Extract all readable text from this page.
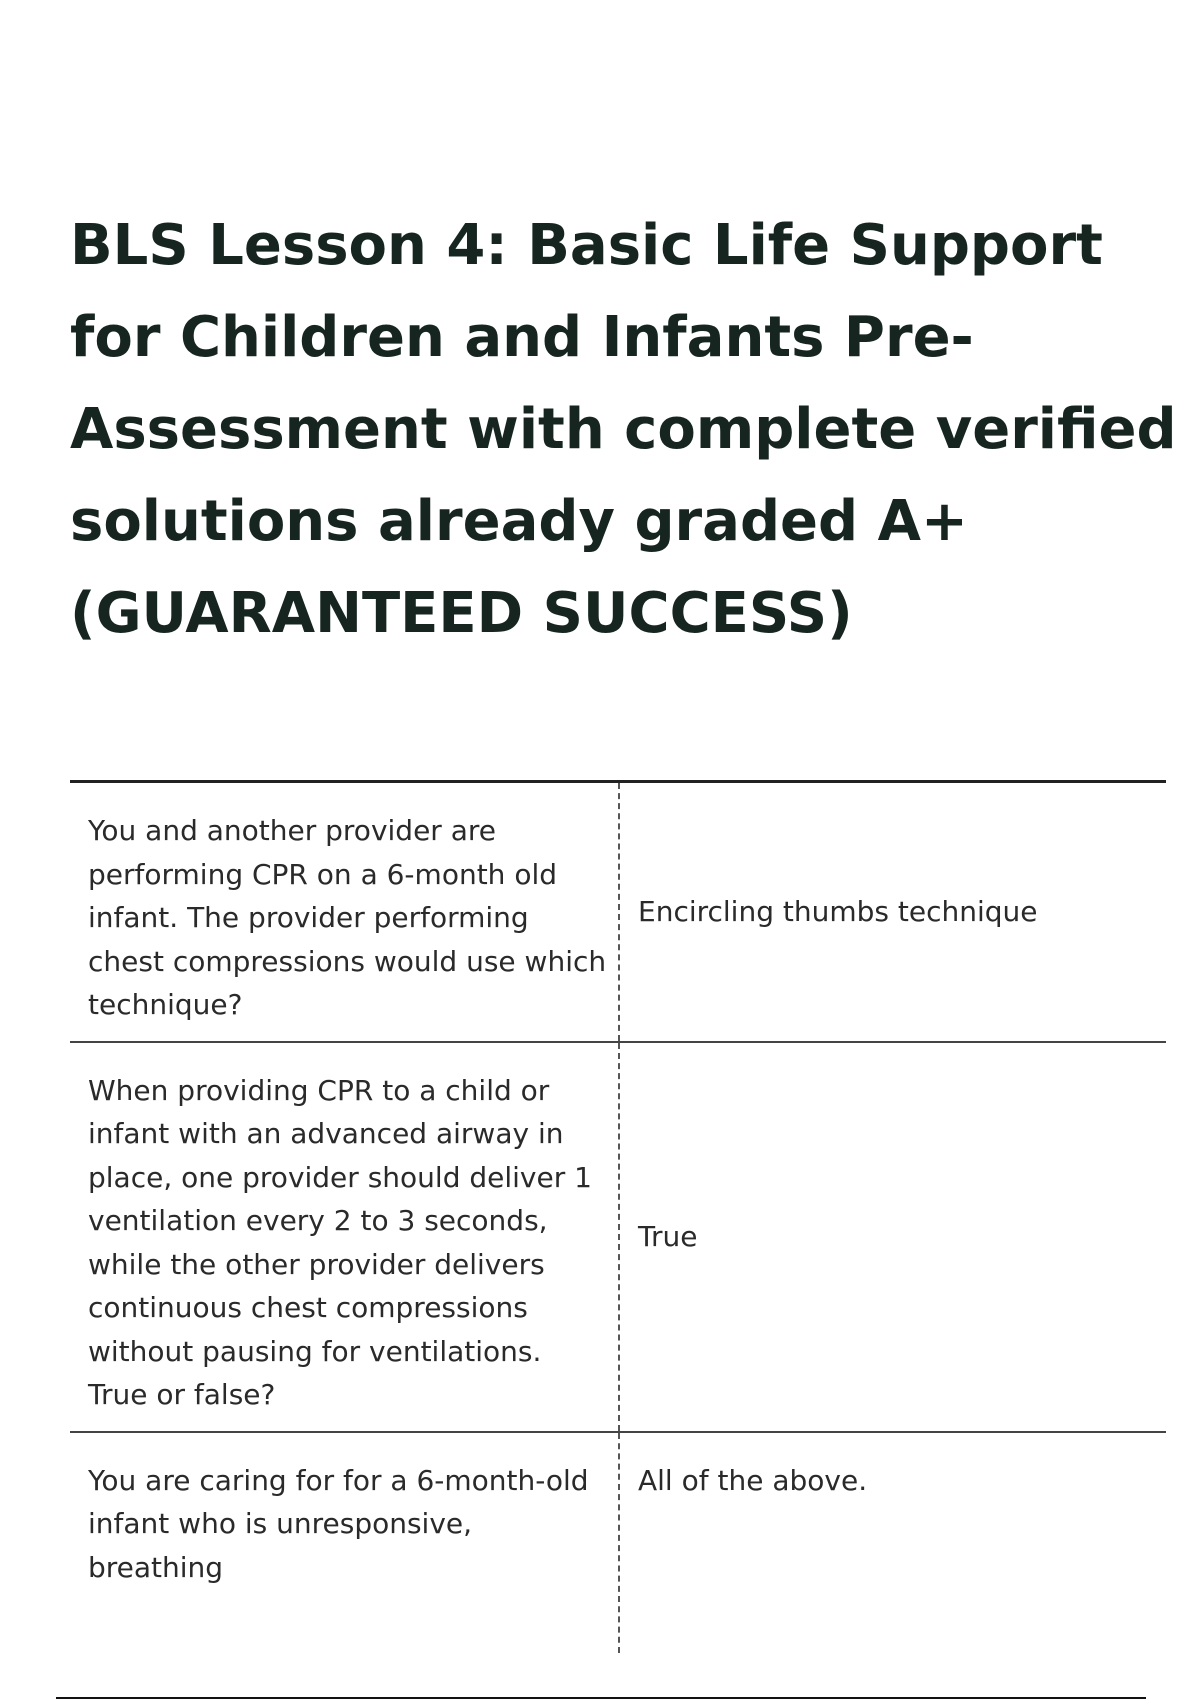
BLS Lesson 4: Basic Life Support for Children and Infants Pre-Assessment with complete verified solutions already graded A+(GUARANTEED SUCCESS)
You and another provider are performing CPR on a 6-month old infant. The provider performing chest compressions would use which technique?	Encircling thumbs technique
When providing CPR to a child or infant with an advanced airway in place, one provider should deliver 1 ventilation every 2 to 3 seconds, while the other provider delivers continuous chest compressions without pausing for ventilations. True or false?	True
You are caring for for a 6-month-old infant who is unresponsive, breathing	All of the above.
